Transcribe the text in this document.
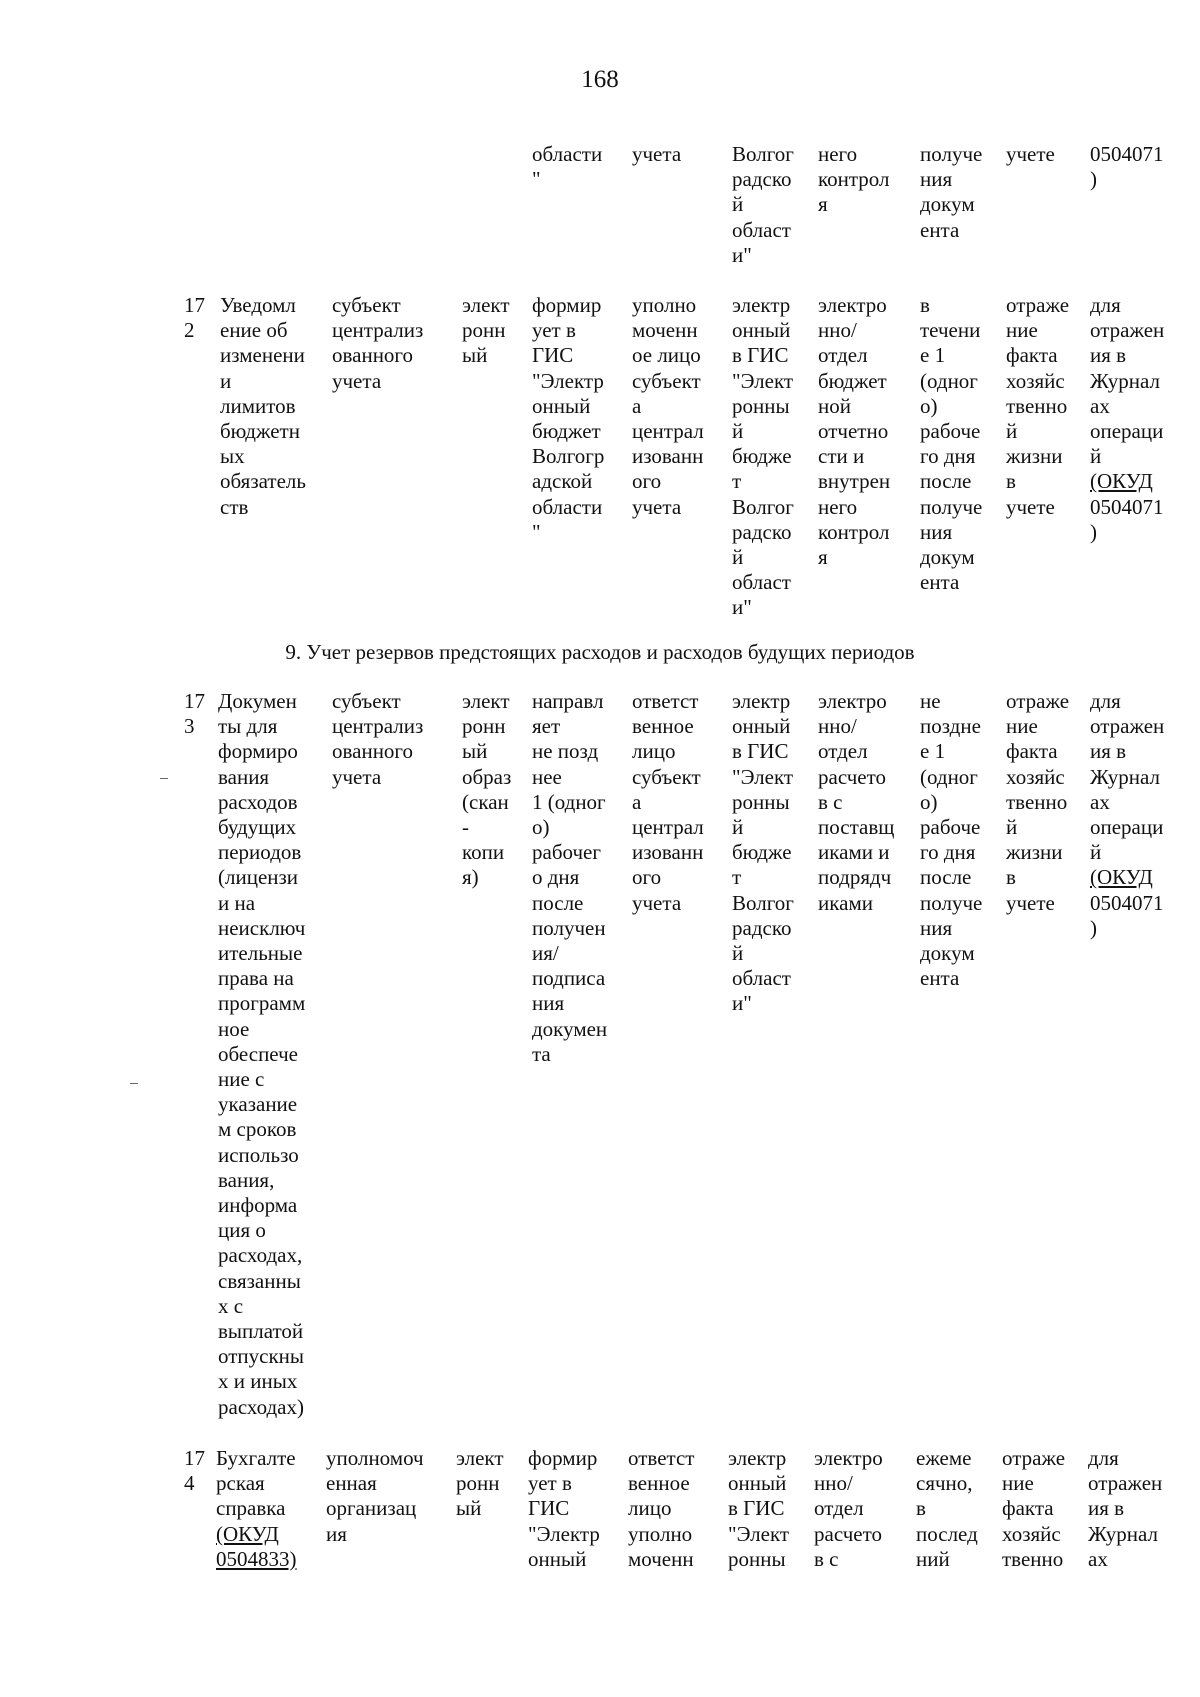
168
области
"
учета Волгог
радско
й
област
и"
него
контрол
я
получе
ния
докум
ента
учете 0504071
)
17
2
Уведомл
ение об
изменени
и
лимитов
бюджетн
ых
обязатель
ств
субъект
централиз
ованного
учета
элект
ронн
ый
формир
ует в
ГИС
"Электр
онный
бюджет
Волгогр
адской
области
"
уполно
моченн
ое лицо
субъект
а
централ
изованн
ого
учета
электр
онный
в ГИС
"Элект
ронны
й
бюдже
т
Волгог
радско
й
област
и"
электро
нно/
отдел
бюджет
ной
отчетно
сти и
внутрен
него
контрол
я
в
течени
е 1
(одног
о)
рабоче
го дня
после
получе
ния
докум
ента
отраже
ние
факта
хозяйс
твенно
й
жизни
в
учете
для
отражен
ия в
Журнал
ах
операци
й
(ОКУД
0504071
)
9. Учет резервов предстоящих расходов и расходов будущих периодов
17
3
Докумен
ты для
формиро
вания
расходов
будущих
периодов
(лицензи
и на
неисключ
ительные
права на
программ
ное
обеспече
ние с
указание
м сроков
использо
вания,
информа
ция о
расходах,
связанны
х с
выплатой
отпускны
х и иных
расходах)
субъект
централиз
ованного
учета
элект
ронн
ый
образ
(скан
-
копи
я)
направл
яет
не позд
нее
1 (одног
о)
рабочег
о дня
после
получен
ия/
подписа
ния
докумен
та
ответст
венное
лицо
субъект
а
централ
изованн
ого
учета
электр
онный
в ГИС
"Элект
ронны
й
бюдже
т
Волгог
радско
й
област
и"
электро
нно/
отдел
расчето
в с
поставщ
иками и
подрядч
иками
не
поздне
е 1
(одног
о)
рабоче
го дня
после
получе
ния
докум
ента
отраже
ние
факта
хозяйс
твенно
й
жизни
в
учете
для
отражен
ия в
Журнал
ах
операци
й
(ОКУД
0504071
)
17
4
Бухгалте
рская
справка
(ОКУД
0504833)
уполномоч
енная
организац
ия
элект
ронн
ый
формир
ует в
ГИС
"Электр
онный
ответст
венное
лицо
уполно
моченн
электр
онный
в ГИС
"Элект
ронны
электро
нно/
отдел
расчето
в с
ежеме
сячно,
в
послед
ний
отраже
ние
факта
хозяйс
твенно
для
отражен
ия в
Журнал
ах
